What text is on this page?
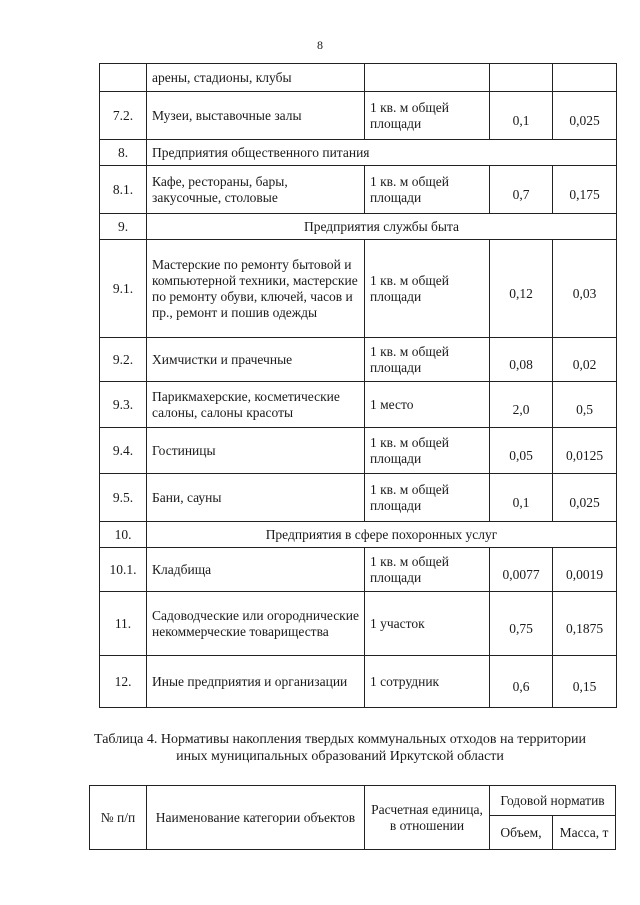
8
	арены, стадионы, клубы			
7.2.	Музеи, выставочные залы	1 кв. м общей площади	0,1	0,025
8.	Предприятия общественного питания			
8.1.	Кафе, рестораны, бары, закусочные, столовые	1 кв. м общей площади	0,7	0,175
9.	Предприятия службы быта			
9.1.	Мастерские по ремонту бытовой и компьютерной техники, мастерские по ремонту обуви, ключей, часов и пр., ремонт и пошив одежды	1 кв. м общей площади	0,12	0,03
9.2.	Химчистки и прачечные	1 кв. м общей площади	0,08	0,02
9.3.	Парикмахерские, косметические салоны, салоны красоты	1 место	2,0	0,5
9.4.	Гостиницы	1 кв. м общей площади	0,05	0,0125
9.5.	Бани, сауны	1 кв. м общей площади	0,1	0,025
10.	Предприятия в сфере похоронных услуг			
10.1.	Кладбища	1 кв. м общей площади	0,0077	0,0019
11.	Садоводческие или огороднические некоммерческие товарищества	1 участок	0,75	0,1875
12.	Иные предприятия и организации	1 сотрудник	0,6	0,15
Таблица 4. Нормативы накопления твердых коммунальных отходов на территории иных муниципальных образований Иркутской области
№ п/п	Наименование категории объектов	Расчетная единица, в отношении	Годовой норматив	
			Объем,	Масса, т
